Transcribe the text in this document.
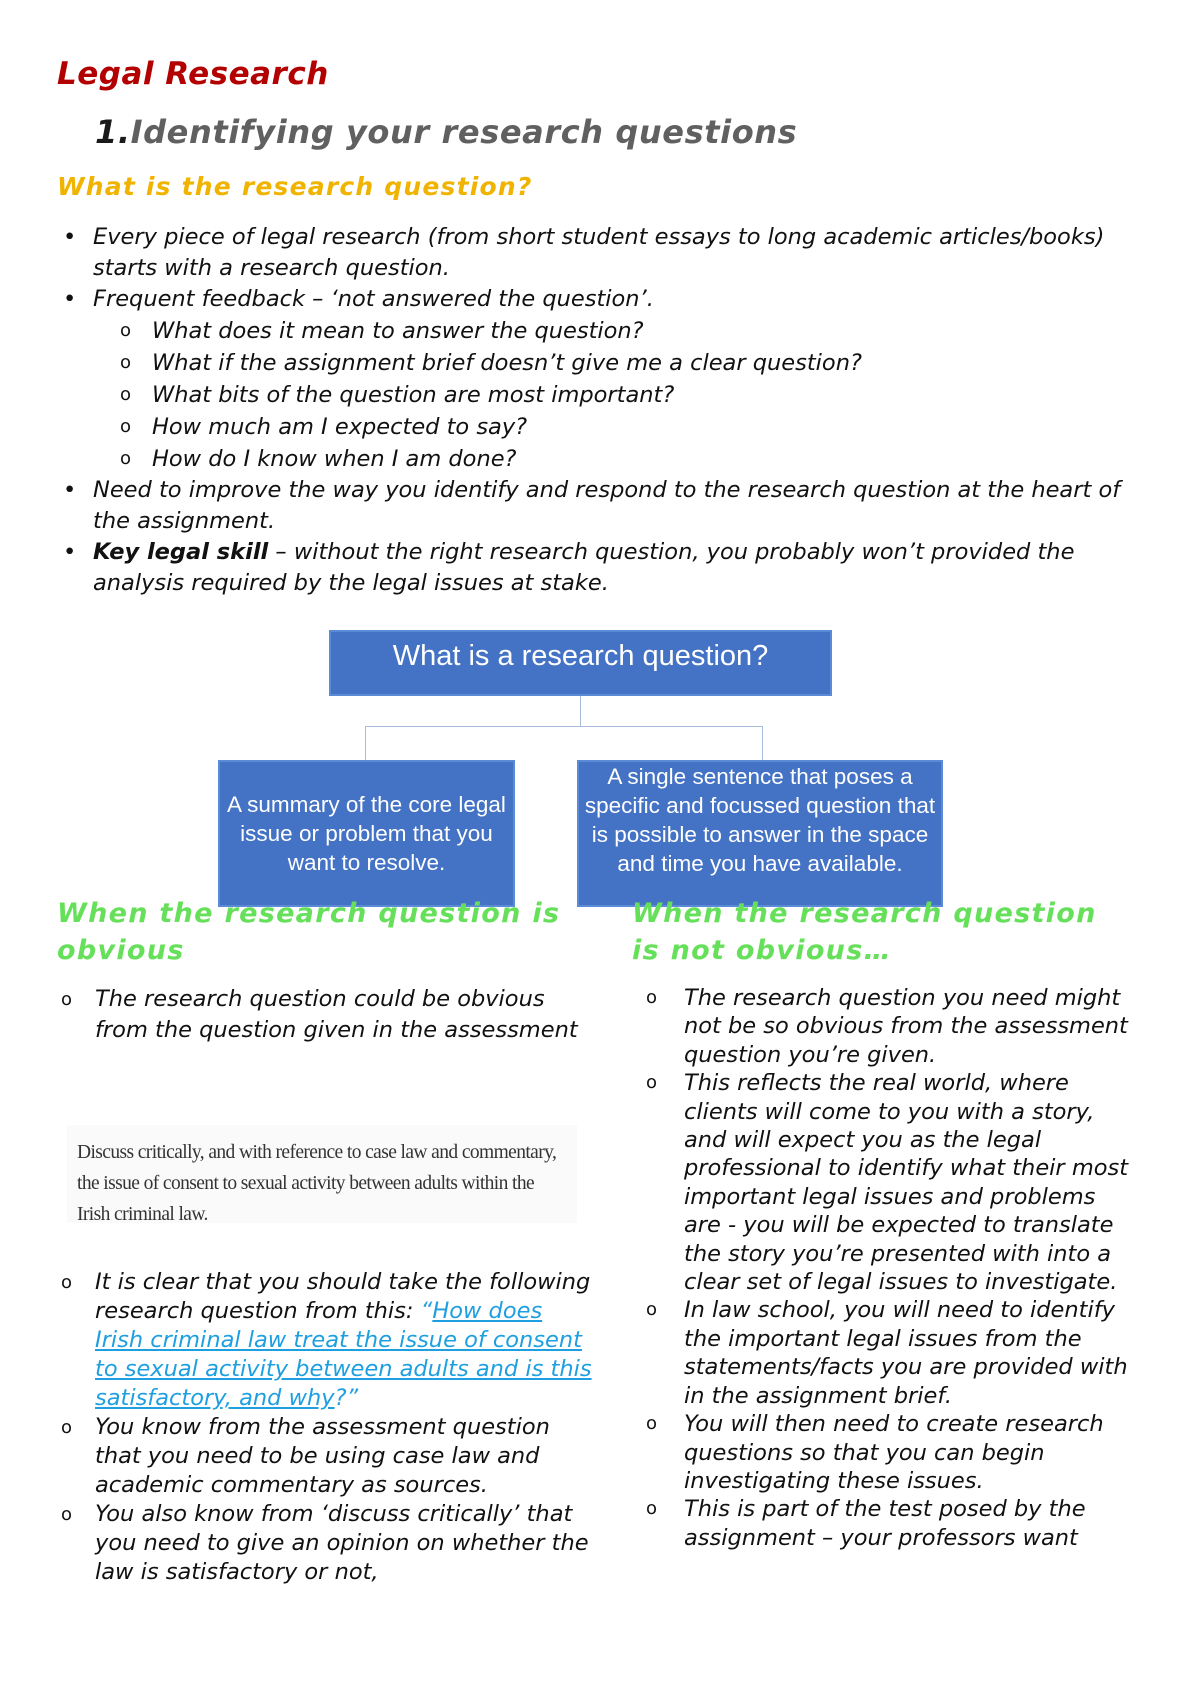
Legal Research
1.Identifying your research questions
What is the research question?
• Every piece of legal research (from short student essays to long academic articles/books) starts with a research question.
• Frequent feedback – ‘not answered the question’.
o What does it mean to answer the question?
o What if the assignment brief doesn’t give me a clear question?
o What bits of the question are most important?
o How much am I expected to say?
o How do I know when I am done?
• Need to improve the way you identify and respond to the research question at the heart of the assignment.
• Key legal skill – without the right research question, you probably won’t provided the analysis required by the legal issues at stake.
What is a research question?
A summary of the core legal issue or problem that you want to resolve.
A single sentence that poses a specific and focussed question that is possible to answer in the space and time you have available.
When the research question is obvious
o The research question could be obvious from the question given in the assessment
Discuss critically, and with reference to case law and commentary, the issue of consent to sexual activity between adults within the Irish criminal law.
o It is clear that you should take the following research question from this: “How does Irish criminal law treat the issue of consent to sexual activity between adults and is this satisfactory, and why?”
o You know from the assessment question that you need to be using case law and academic commentary as sources.
o You also know from ‘discuss critically’ that you need to give an opinion on whether the law is satisfactory or not,
When the research question is not obvious…
o The research question you need might not be so obvious from the assessment question you’re given.
o This reflects the real world, where clients will come to you with a story, and will expect you as the legal professional to identify what their most important legal issues and problems are - you will be expected to translate the story you’re presented with into a clear set of legal issues to investigate.
o In law school, you will need to identify the important legal issues from the statements/facts you are provided with in the assignment brief.
o You will then need to create research questions so that you can begin investigating these issues.
o This is part of the test posed by the assignment – your professors want
